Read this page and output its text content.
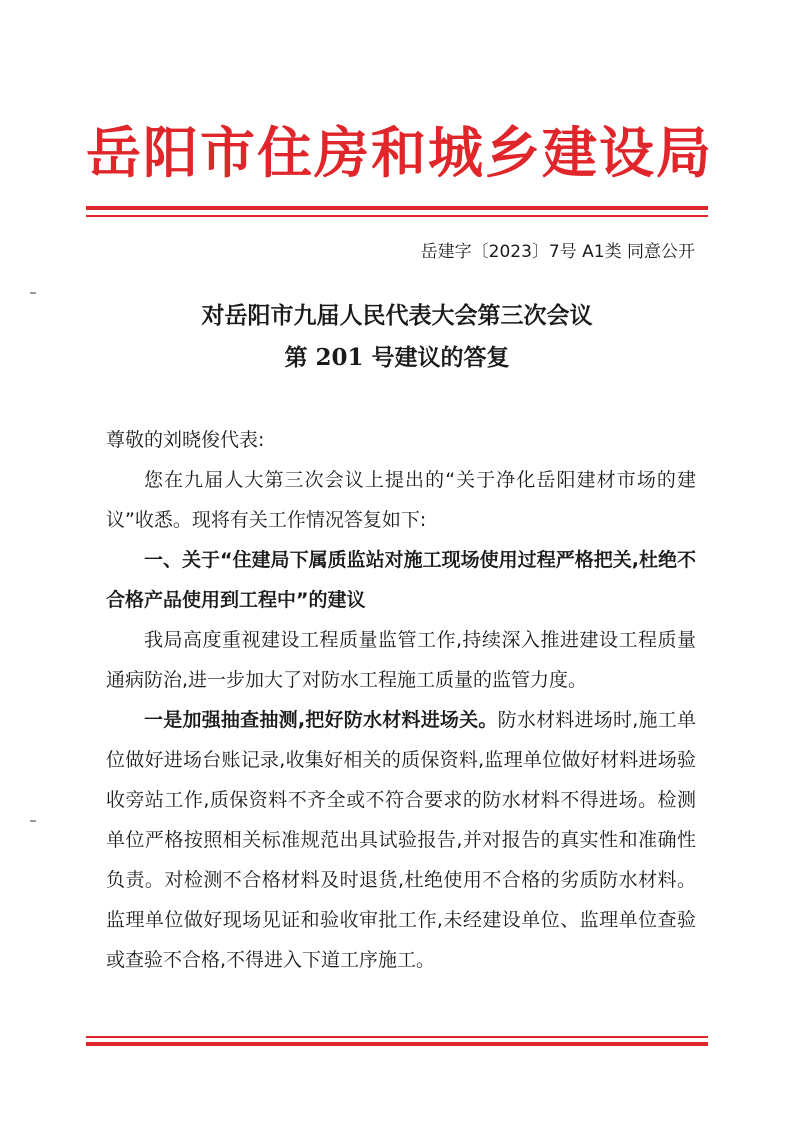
岳阳市住房和城乡建设局
岳建字〔2023〕7号 A1类 同意公开
对岳阳市九届人民代表大会第三次会议
第 201 号建议的答复
尊敬的刘晓俊代表:
您在九届人大第三次会议上提出的“关于净化岳阳建材市场的建议”收悉。现将有关工作情况答复如下:
一、关于“住建局下属质监站对施工现场使用过程严格把关,杜绝不合格产品使用到工程中”的建议
我局高度重视建设工程质量监管工作,持续深入推进建设工程质量通病防治,进一步加大了对防水工程施工质量的监管力度。
一是加强抽查抽测,把好防水材料进场关。防水材料进场时,施工单位做好进场台账记录,收集好相关的质保资料,监理单位做好材料进场验收旁站工作,质保资料不齐全或不符合要求的防水材料不得进场。检测单位严格按照相关标准规范出具试验报告,并对报告的真实性和准确性负责。对检测不合格材料及时退货,杜绝使用不合格的劣质防水材料。监理单位做好现场见证和验收审批工作,未经建设单位、监理单位查验或查验不合格,不得进入下道工序施工。
